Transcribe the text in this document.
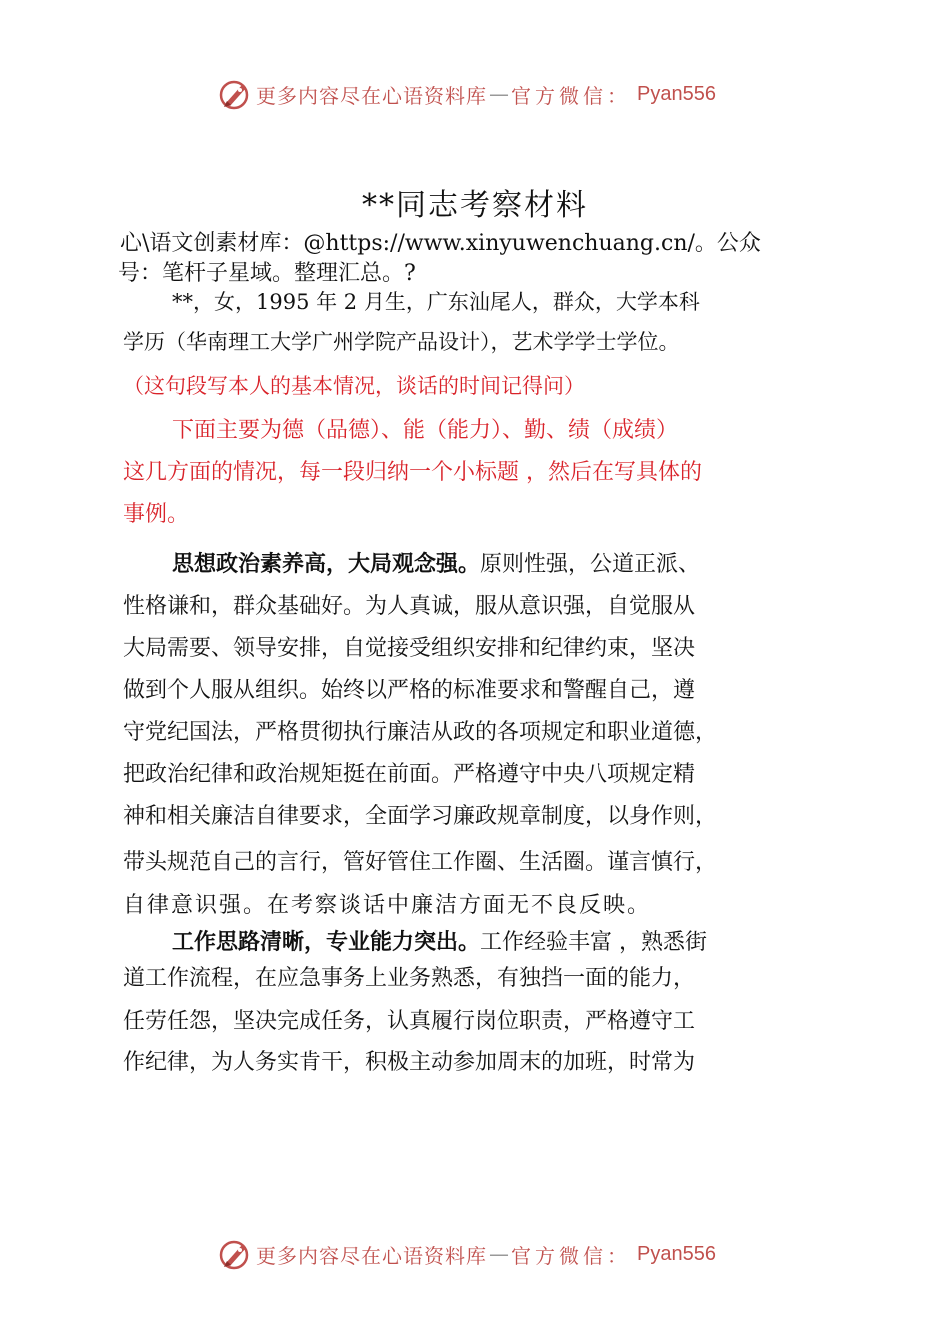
更多内容尽在心语资料库 — 官方微信： Pyan556
**同志考察材料
心\语文创素材库：@https://www.xinyuwenchuang.cn/。公众
号：笔杆子星域。整理汇总。?
**，女，1995 年 2 月生，广东汕尾人，群众，大学本科
学历（华南理工大学广州学院产品设计），艺术学学士学位。
（这句段写本人的基本情况，谈话的时间记得问）
下面主要为德（品德）、能（能力）、勤、绩（成绩）
这几方面的情况，每一段归纳一个小标题 ，然后在写具体的
事例。
思想政治素养高，大局观念强。原则性强，公道正派、
性格谦和，群众基础好。为人真诚，服从意识强，自觉服从
大局需要、领导安排，自觉接受组织安排和纪律约束，坚决
做到个人服从组织。始终以严格的标准要求和警醒自己，遵
守党纪国法，严格贯彻执行廉洁从政的各项规定和职业道德，
把政治纪律和政治规矩挺在前面。严格遵守中央八项规定精
神和相关廉洁自律要求，全面学习廉政规章制度，以身作则，
带头规范自己的言行，管好管住工作圈、生活圈。谨言慎行，
自律意识强。在考察谈话中廉洁方面无不良反映。
工作思路清晰，专业能力突出。工作经验丰富 ，熟悉街
道工作流程，在应急事务上业务熟悉，有独挡一面的能力，
任劳任怨，坚决完成任务，认真履行岗位职责，严格遵守工
作纪律，为人务实肯干，积极主动参加周末的加班，时常为
更多内容尽在心语资料库 — 官方微信： Pyan556
